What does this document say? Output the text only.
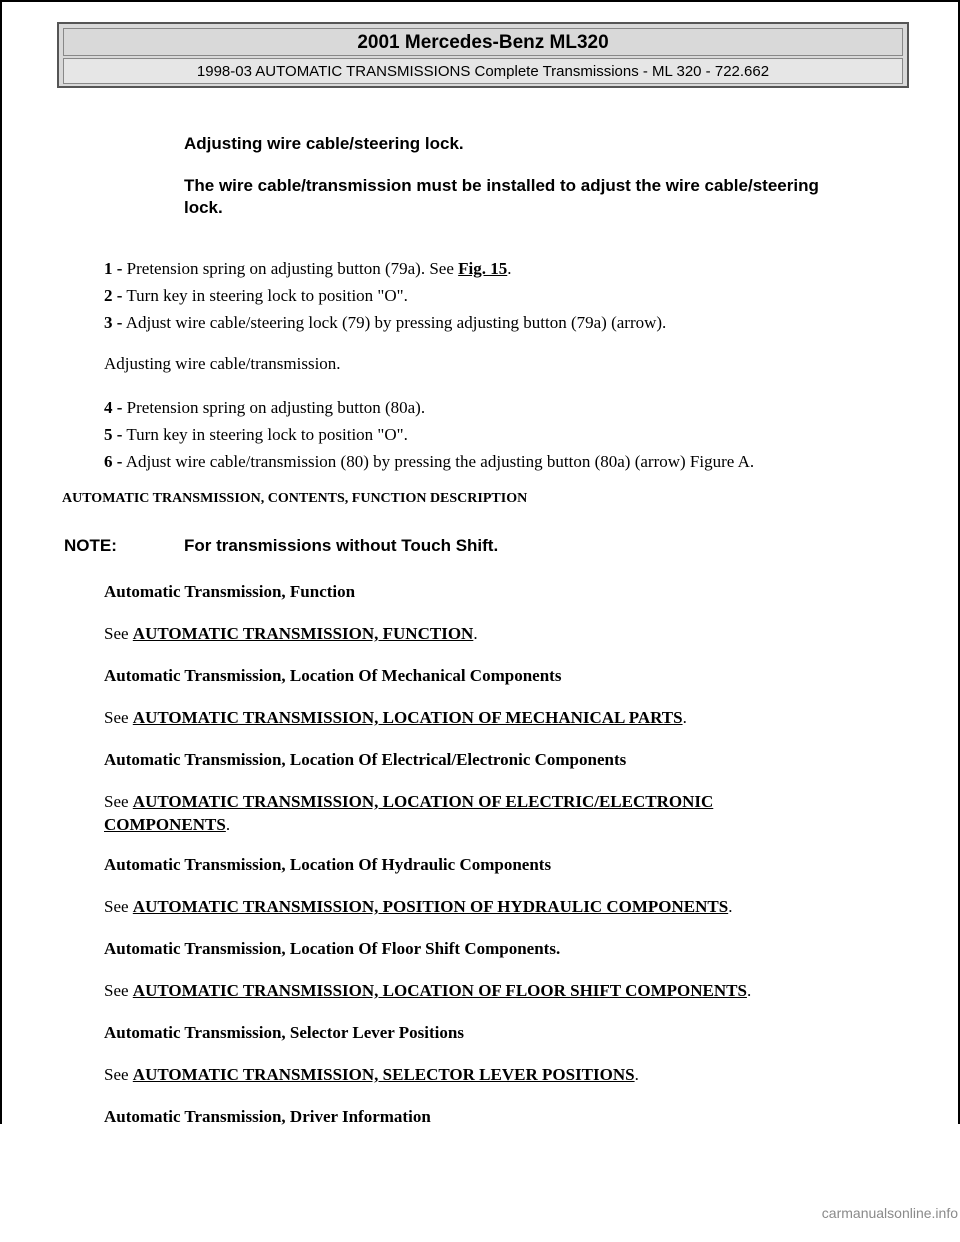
2001 Mercedes-Benz ML320
1998-03 AUTOMATIC TRANSMISSIONS Complete Transmissions - ML 320 - 722.662
Adjusting wire cable/steering lock.
The wire cable/transmission must be installed to adjust the wire cable/steering
lock.
1 - Pretension spring on adjusting button (79a). See Fig. 15.
2 - Turn key in steering lock to position "O".
3 - Adjust wire cable/steering lock (79) by pressing adjusting button (79a) (arrow).
Adjusting wire cable/transmission.
4 - Pretension spring on adjusting button (80a).
5 - Turn key in steering lock to position "O".
6 - Adjust wire cable/transmission (80) by pressing the adjusting button (80a) (arrow) Figure A.
AUTOMATIC TRANSMISSION, CONTENTS, FUNCTION DESCRIPTION
NOTE:	For transmissions without Touch Shift.
Automatic Transmission, Function
See AUTOMATIC TRANSMISSION, FUNCTION.
Automatic Transmission, Location Of Mechanical Components
See AUTOMATIC TRANSMISSION, LOCATION OF MECHANICAL PARTS.
Automatic Transmission, Location Of Electrical/Electronic Components
See AUTOMATIC TRANSMISSION, LOCATION OF ELECTRIC/ELECTRONIC
COMPONENTS.
Automatic Transmission, Location Of Hydraulic Components
See AUTOMATIC TRANSMISSION, POSITION OF HYDRAULIC COMPONENTS.
Automatic Transmission, Location Of Floor Shift Components.
See AUTOMATIC TRANSMISSION, LOCATION OF FLOOR SHIFT COMPONENTS.
Automatic Transmission, Selector Lever Positions
See AUTOMATIC TRANSMISSION, SELECTOR LEVER POSITIONS.
Automatic Transmission, Driver Information
carmanualsonline.info
